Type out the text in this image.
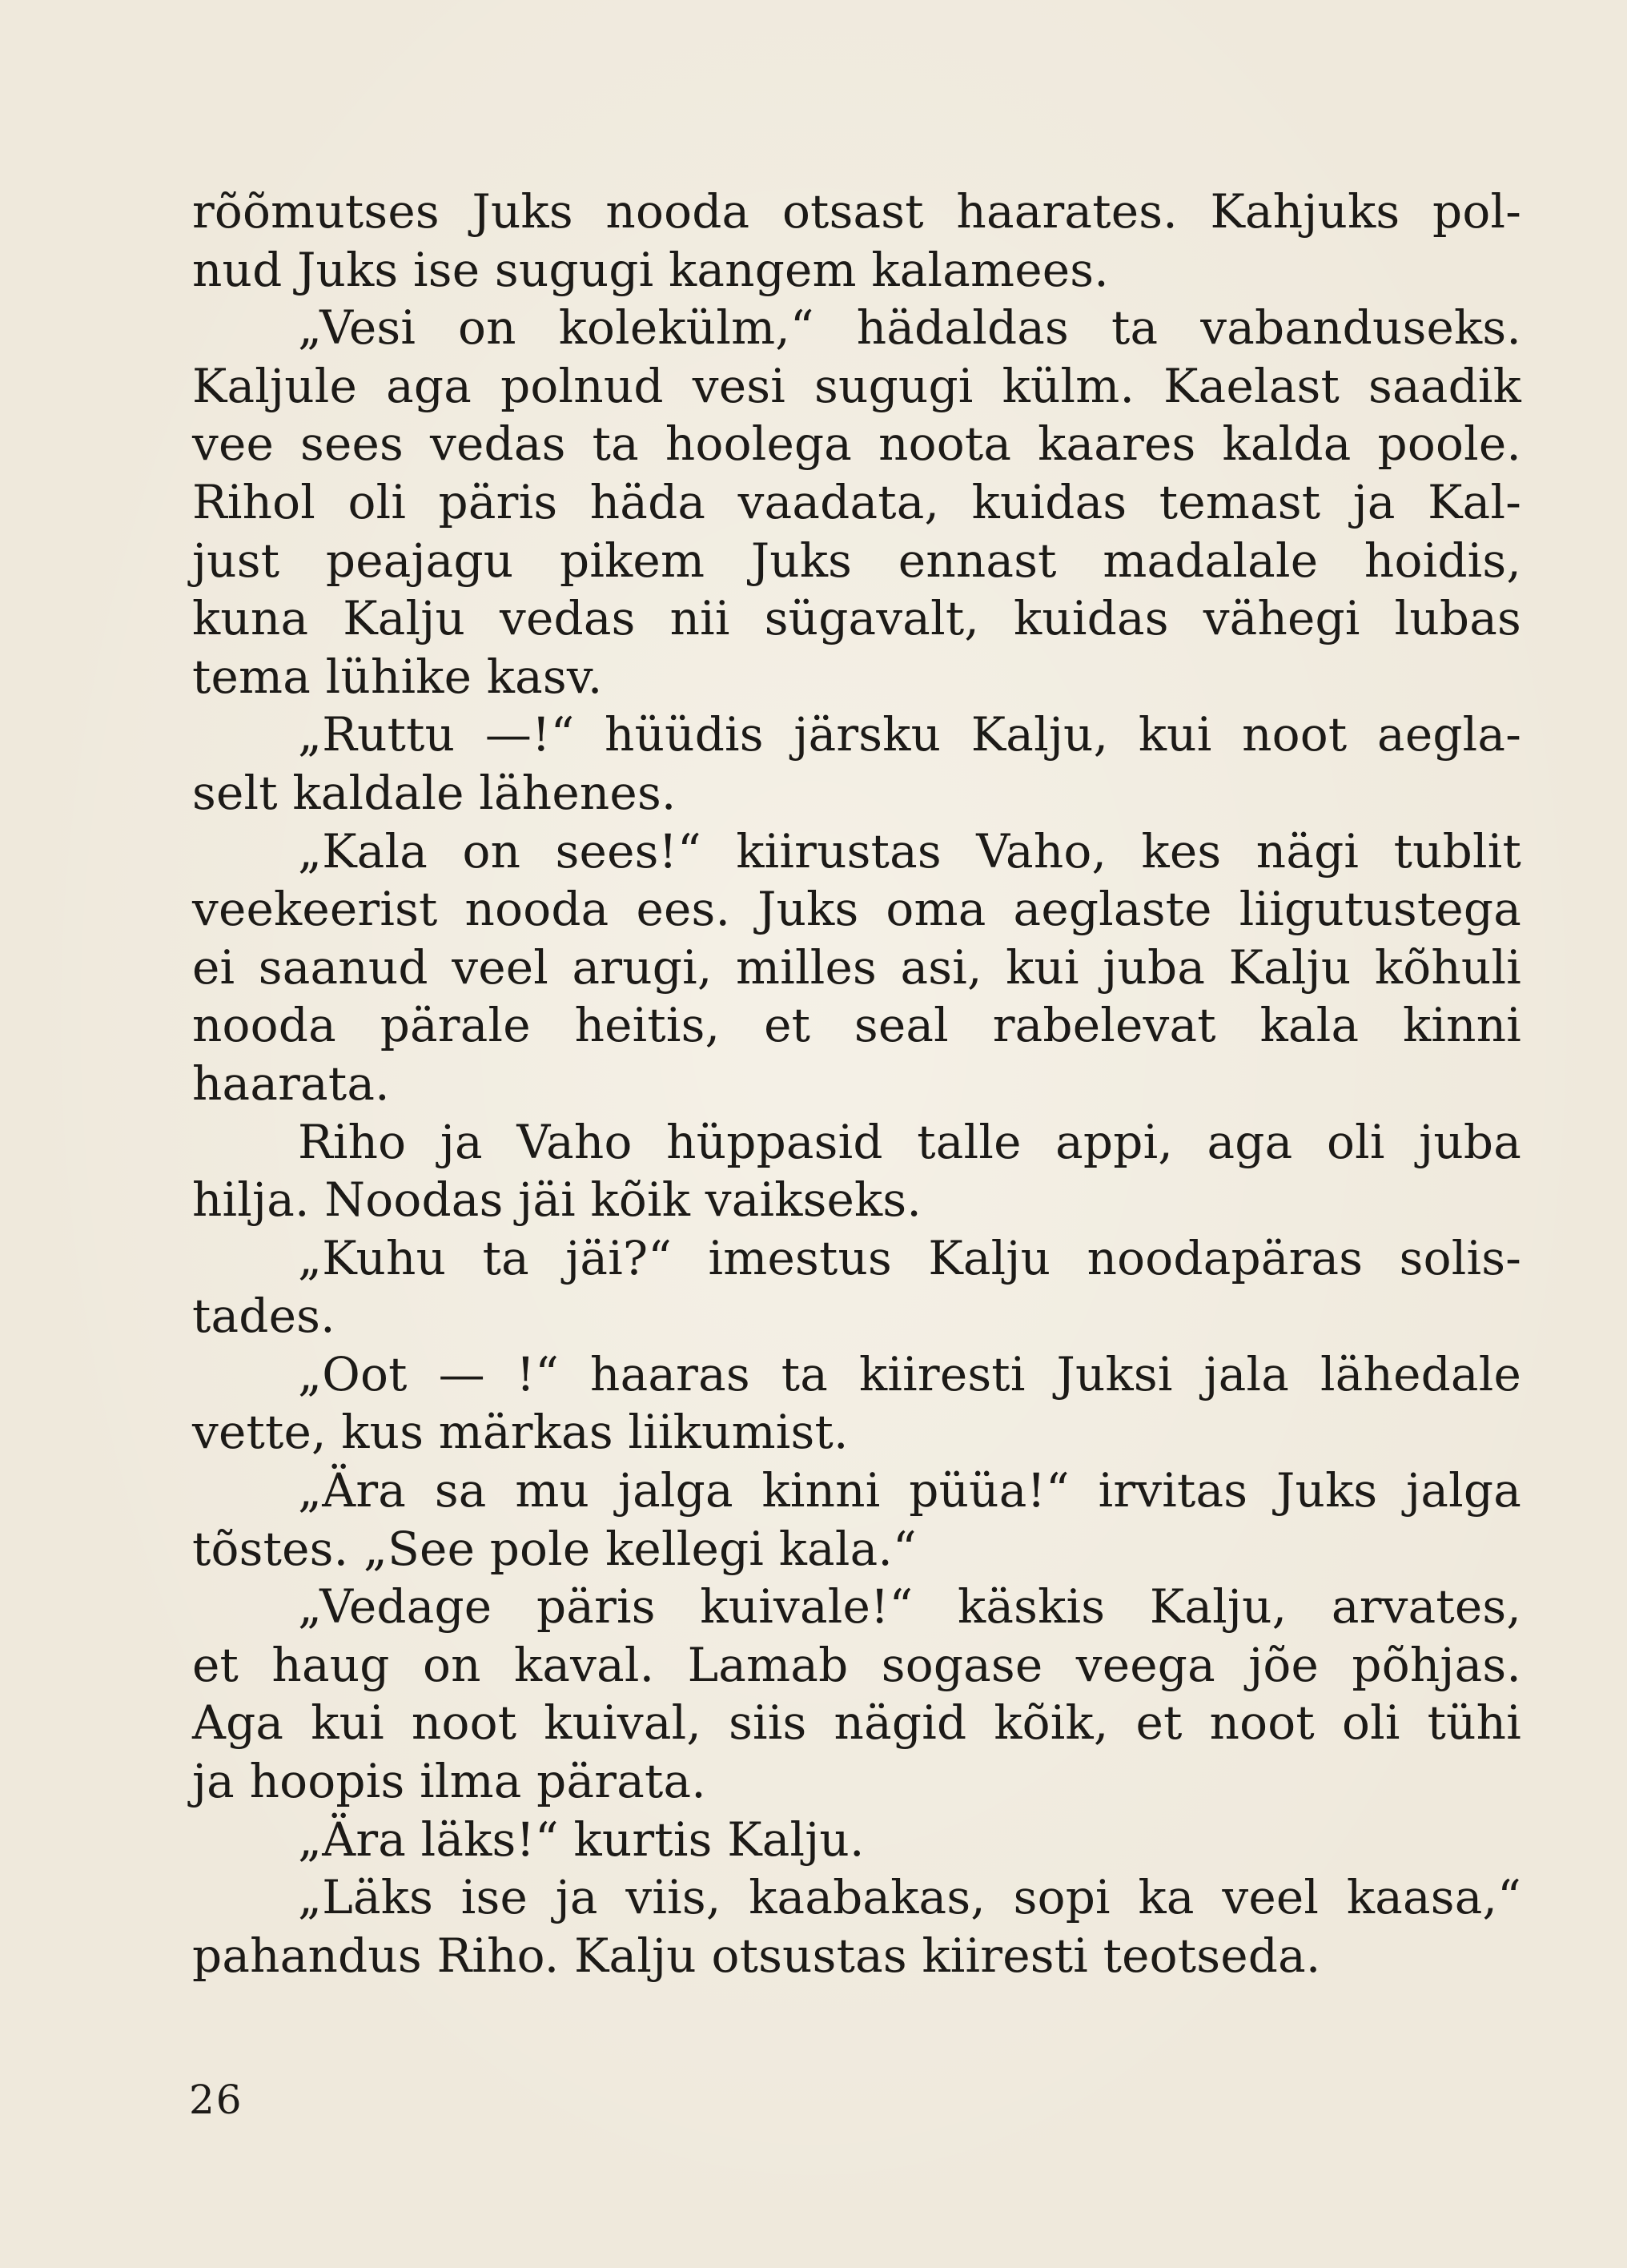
rõõmutses Juks nooda otsast haarates. Kahjuks pol-
nud Juks ise sugugi kangem kalamees.
„Vesi on kolekülm,“ hädaldas ta vabanduseks.
Kaljule aga polnud vesi sugugi külm. Kaelast saadik
vee sees vedas ta hoolega noota kaares kalda poole.
Rihol oli päris häda vaadata, kuidas temast ja Kal-
just peajagu pikem Juks ennast madalale hoidis,
kuna Kalju vedas nii sügavalt, kuidas vähegi lubas
tema lühike kasv.
„Ruttu —!“ hüüdis järsku Kalju, kui noot aegla-
selt kaldale lähenes.
„Kala on sees!“ kiirustas Vaho, kes nägi tublit
veekeerist nooda ees. Juks oma aeglaste liigutustega
ei saanud veel arugi, milles asi, kui juba Kalju kõhuli
nooda pärale heitis, et seal rabelevat kala kinni
haarata.
Riho ja Vaho hüppasid talle appi, aga oli juba
hilja. Noodas jäi kõik vaikseks.
„Kuhu ta jäi?“ imestus Kalju noodapäras solis-
tades.
„Oot — !“ haaras ta kiiresti Juksi jala lähedale
vette, kus märkas liikumist.
„Ära sa mu jalga kinni püüa!“ irvitas Juks jalga
tõstes. „See pole kellegi kala.“
„Vedage päris kuivale!“ käskis Kalju, arvates,
et haug on kaval. Lamab sogase veega jõe põhjas.
Aga kui noot kuival, siis nägid kõik, et noot oli tühi
ja hoopis ilma pärata.
„Ära läks!“ kurtis Kalju.
„Läks ise ja viis, kaabakas, sopi ka veel kaasa,“
pahandus Riho. Kalju otsustas kiiresti teotseda.
26
